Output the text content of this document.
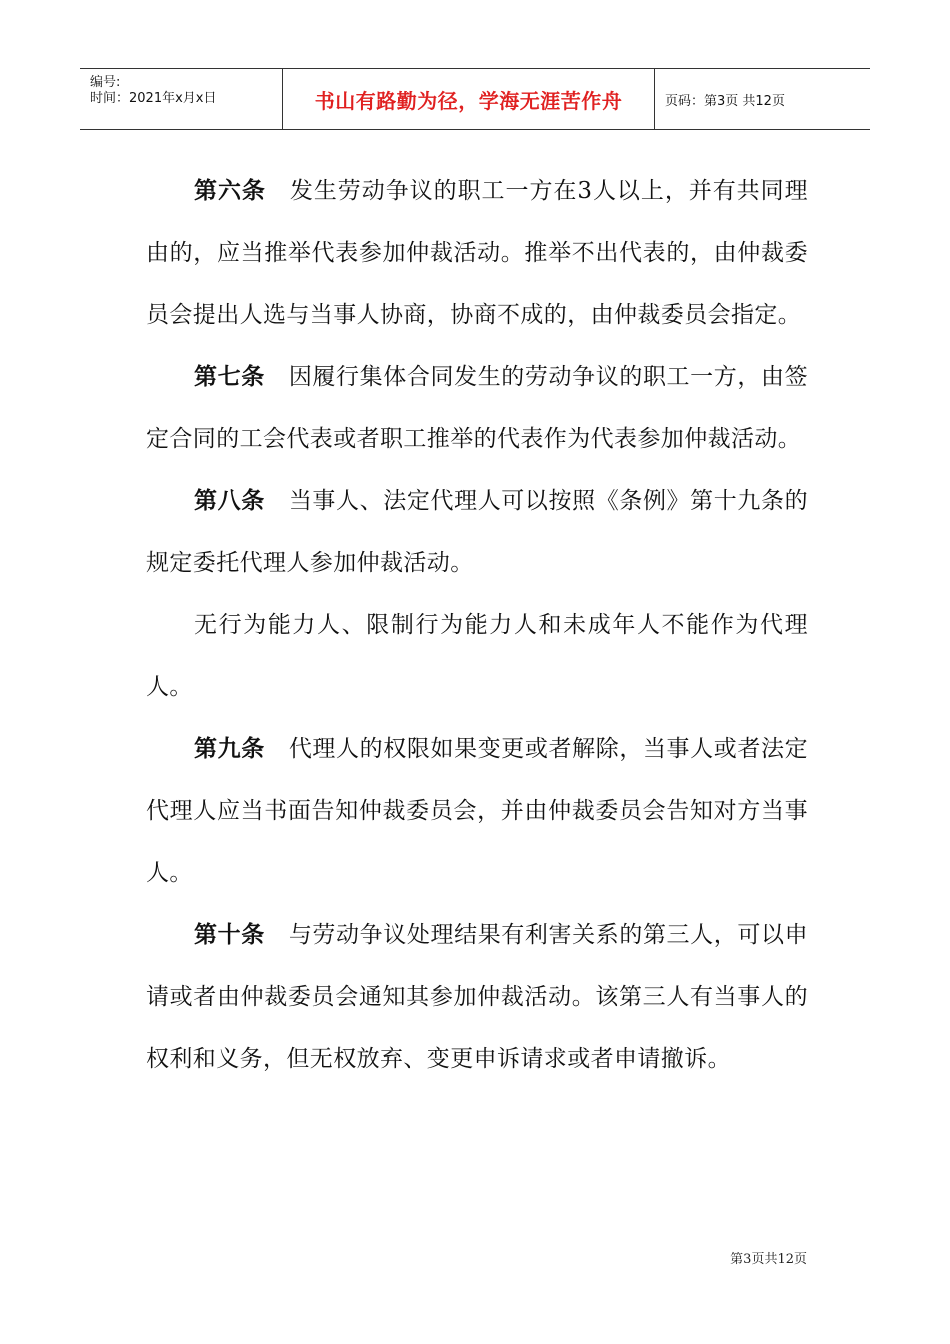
编号:
时间：2021年x月x日	书山有路勤为径，学海无涯苦作舟	页码：第3页 共12页

第六条 发生劳动争议的职工一方在3人以上，并有共同理由的，应当推举代表参加仲裁活动。推举不出代表的，由仲裁委员会提出人选与当事人协商，协商不成的，由仲裁委员会指定。

第七条 因履行集体合同发生的劳动争议的职工一方，由签定合同的工会代表或者职工推举的代表作为代表参加仲裁活动。

第八条 当事人、法定代理人可以按照《条例》第十九条的规定委托代理人参加仲裁活动。

无行为能力人、限制行为能力人和未成年人不能作为代理人。

第九条 代理人的权限如果变更或者解除，当事人或者法定代理人应当书面告知仲裁委员会，并由仲裁委员会告知对方当事人。

第十条 与劳动争议处理结果有利害关系的第三人，可以申请或者由仲裁委员会通知其参加仲裁活动。该第三人有当事人的权利和义务，但无权放弃、变更申诉请求或者申请撤诉。

第3页共12页
